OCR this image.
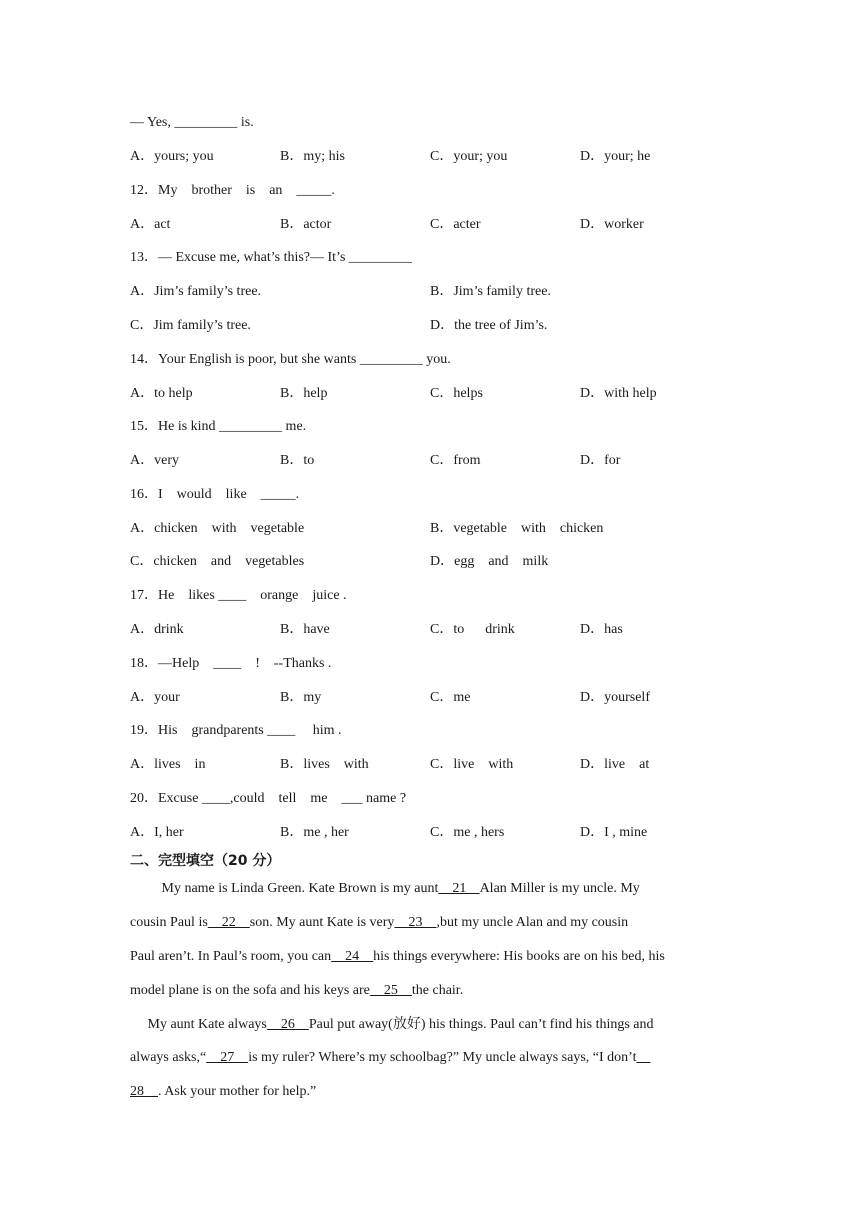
— Yes, _________ is.
A．yours; you	B．my; his	C．your; you	D．your; he
12．My    brother    is    an    _____.
A．act	B．actor	C．acter	D．worker
13．— Excuse me, what’s this?— It’s _________
A．Jim’s family’s tree.	B．Jim’s family tree.
C．Jim family’s tree.	D．the tree of Jim’s.
14．Your English is poor, but she wants _________ you.
A．to help	B．help	C．helps	D．with help
15．He is kind _________ me.
A．very	B．to	C．from	D．for
16．I    would    like    _____.
A．chicken    with    vegetable	B．vegetable    with    chicken
C．chicken    and    vegetables	D．egg    and    milk
17．He    likes ____    orange    juice .
A．drink	B．have	C．to      drink	D．has
18．—Help    ____    !    --Thanks .
A．your	B．my	C．me	D．yourself
19．His    grandparents ____     him .
A．lives    in	B．lives    with	C．live    with	D．live    at
20．Excuse ____,could    tell    me    ___ name ?
A．I, her	B．me , her	C．me , hers	D．I , mine
二、完型填空（20 分）
My name is Linda Green. Kate Brown is my aunt    21    Alan Miller is my uncle. My
cousin Paul is    22    son. My aunt Kate is very    23    ,but my uncle Alan and my cousin
Paul aren’t. In Paul’s room, you can    24    his things everywhere: His books are on his bed, his
model plane is on the sofa and his keys are    25    the chair.
My aunt Kate always    26    Paul put away(放好) his things. Paul can’t find his things and
always asks,“    27    is my ruler? Where’s my schoolbag?” My uncle always says, “I don’t
28    . Ask your mother for help.”
